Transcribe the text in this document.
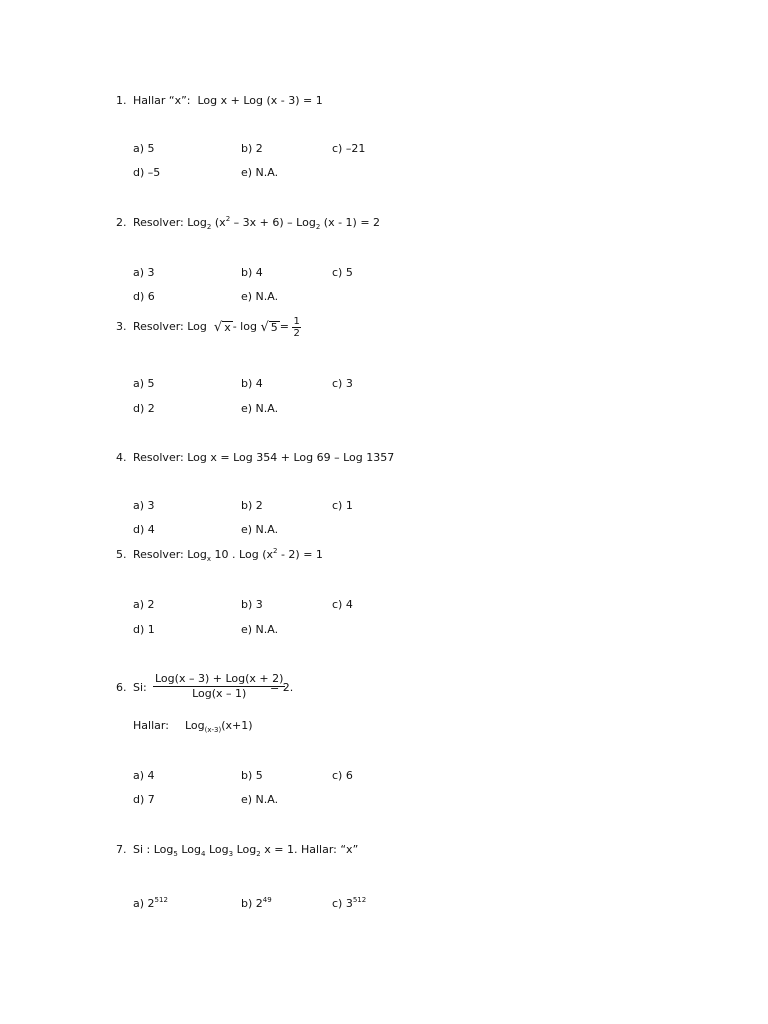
1. Hallar “x”: Log x + Log (x - 3) = 1
a) 5	b) 2	c) –21
d) –5	e) N.A.
2. Resolver: Log$_2$ $(x^2 - 3x + 6) - Log_2$ (x - 1) = 2
a) 3	b) 4	c) 5
d) 6	e) N.A.
3. Resolver: Log
√ x - log
√ 5 =
$\frac{1}{2}$
a) 5	b) 4	c) 3
d) 2	e) N.A.
4. Resolver: Log x = Log 354 + Log 69 – Log 1357
a) 3	b) 2	c) 1
d) 4	e) N.A.
5. Resolver: Log$_x$ 10 . Log $(x^2 - 2) = 1$
a) 2	b) 3	c) 4
d) 1	e) N.A.
6. Si:
Log(x – 3) + Log(x + 2)
Log(x – 1) = 2.
Hallar: Log$_{(x-3)}$(x+1)
a) 4	b) 5	c) 6
d) 7	e) N.A.
7. Si : Log$_5$ Log$_4$ Log$_3$ Log$_2$ x = 1. Hallar: “x”
a) $2^{512}$	b) $2^{49}$	c) $3^{512}$
